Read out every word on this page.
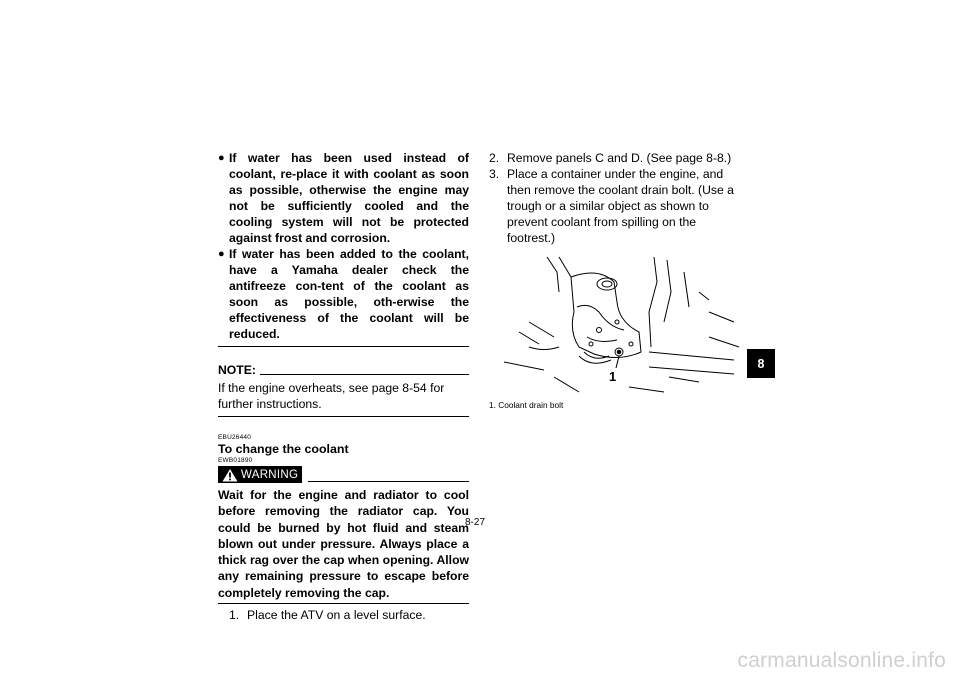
● If water has been used instead of coolant, re-place it with coolant as soon as possible, otherwise the engine may not be sufficiently cooled and the cooling system will not be protected against frost and corrosion.
● If water has been added to the coolant, have a Yamaha dealer check the antifreeze con-tent of the coolant as soon as possible, oth-erwise the effectiveness of the coolant will be reduced.
NOTE:
If the engine overheats, see page 8-54 for further instructions.
EBU26440
To change the coolant
EWB01890
WARNING
Wait for the engine and radiator to cool before removing the radiator cap. You could be burned by hot fluid and steam blown out under pressure. Always place a thick rag over the cap when opening. Allow any remaining pressure to escape before completely removing the cap.
1. Place the ATV on a level surface.
2. Remove panels C and D. (See page 8-8.)
3. Place a container under the engine, and then remove the coolant drain bolt. (Use a trough or a similar object as shown to prevent coolant from spilling on the footrest.)
1
1. Coolant drain bolt
8
8-27
carmanualsonline.info
